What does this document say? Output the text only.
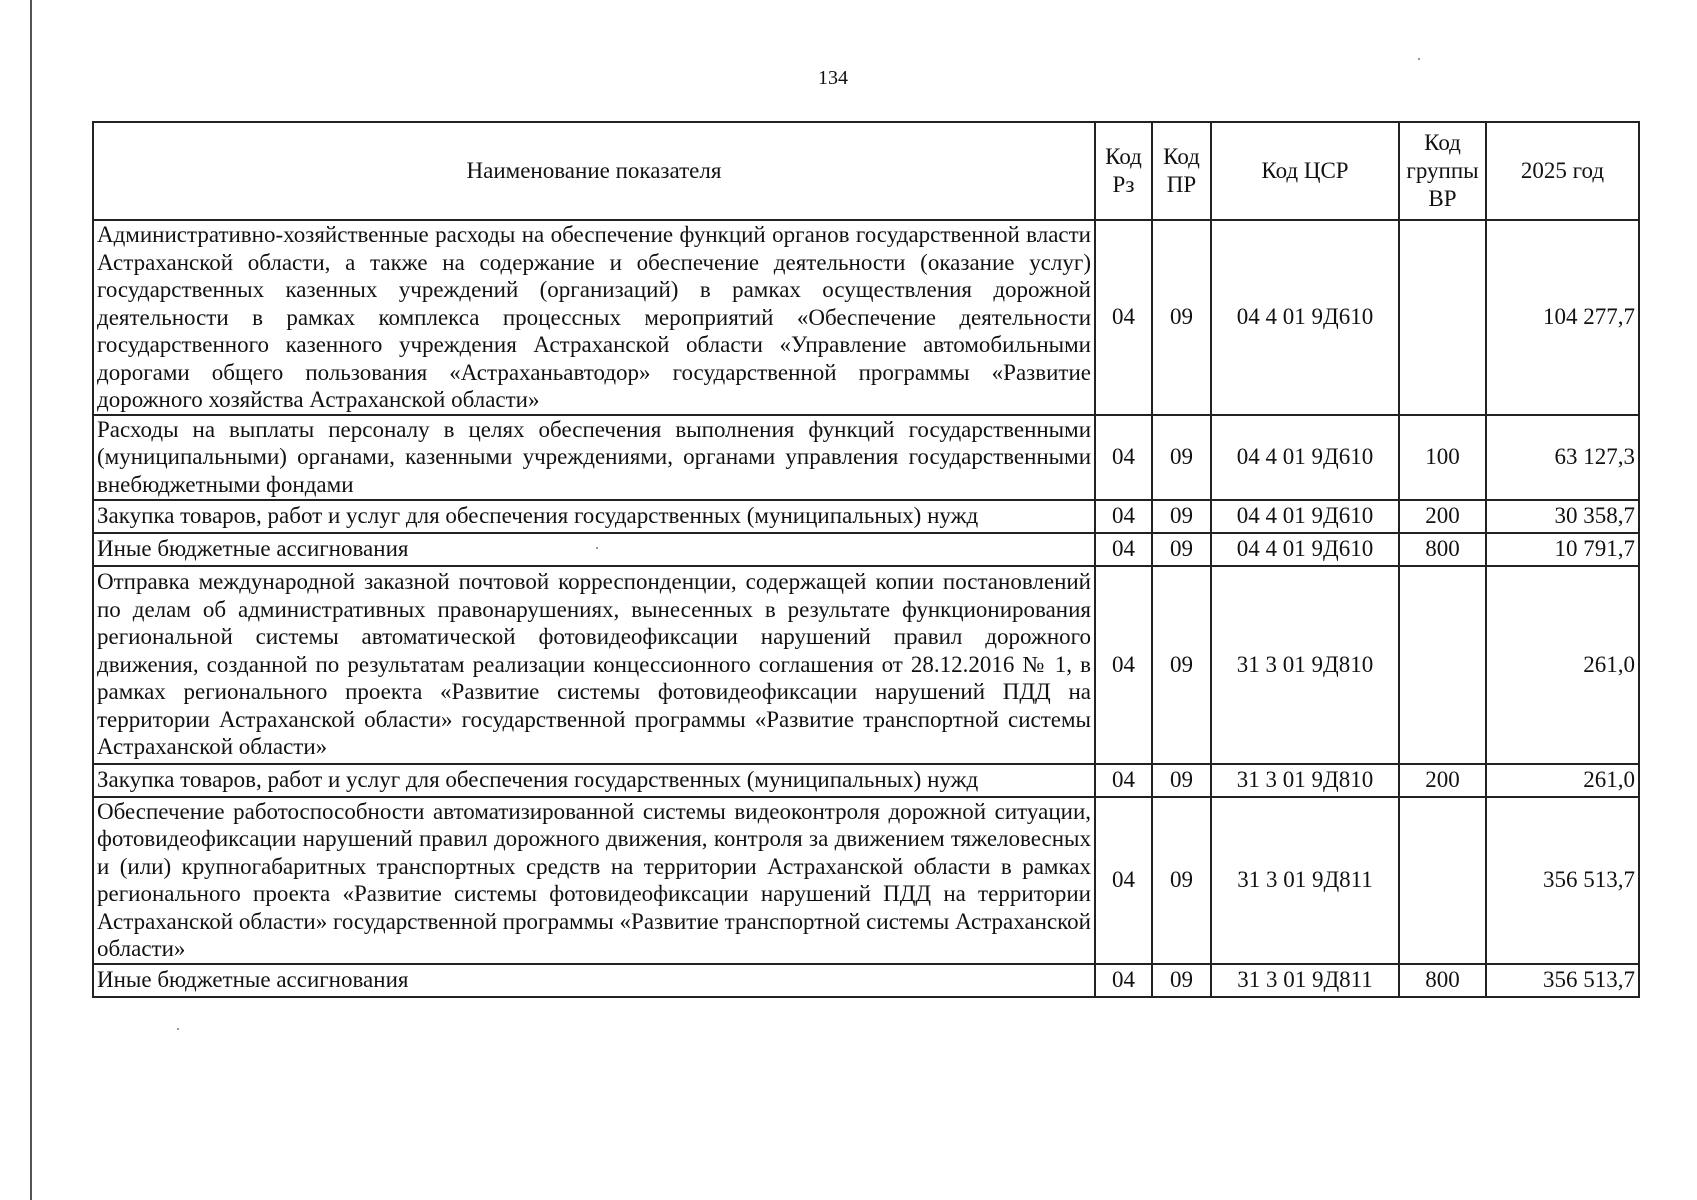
134
Наименование показателя	Код Рз	Код ПР	Код ЦСР	Код группы ВР	2025 год
Административно-хозяйственные расходы на обеспечение функций органов государственной власти Астраханской области, а также на содержание и обеспечение деятельности (оказание услуг) государственных казенных учреждений (организаций) в рамках осуществления дорожной деятельности в рамках комплекса процессных мероприятий «Обеспечение деятельности государственного казенного учреждения Астраханской области «Управление автомобильными дорогами общего пользования «Астраханьавтодор» государственной программы «Развитие дорожного хозяйства Астраханской области»	04	09	04 4 01 9Д610		104 277,7
Расходы на выплаты персоналу в целях обеспечения выполнения функций государственными (муниципальными) органами, казенными учреждениями, органами управления государственными внебюджетными фондами	04	09	04 4 01 9Д610	100	63 127,3
Закупка товаров, работ и услуг для обеспечения государственных (муниципальных) нужд	04	09	04 4 01 9Д610	200	30 358,7
Иные бюджетные ассигнования	04	09	04 4 01 9Д610	800	10 791,7
Отправка международной заказной почтовой корреспонденции, содержащей копии постановлений по делам об административных правонарушениях, вынесенных в результате функционирования региональной системы автоматической фотовидеофиксации нарушений правил дорожного движения, созданной по результатам реализации концессионного соглашения от 28.12.2016 № 1, в рамках регионального проекта «Развитие системы фотовидеофиксации нарушений ПДД на территории Астраханской области» государственной программы «Развитие транспортной системы Астраханской области»	04	09	31 3 01 9Д810		261,0
Закупка товаров, работ и услуг для обеспечения государственных (муниципальных) нужд	04	09	31 3 01 9Д810	200	261,0
Обеспечение работоспособности автоматизированной системы видеоконтроля дорожной ситуации, фотовидеофиксации нарушений правил дорожного движения, контроля за движением тяжеловесных и (или) крупногабаритных транспортных средств на территории Астраханской области в рамках регионального проекта «Развитие системы фотовидеофиксации нарушений ПДД на территории Астраханской области» государственной программы «Развитие транспортной системы Астраханской области»	04	09	31 3 01 9Д811		356 513,7
Иные бюджетные ассигнования	04	09	31 3 01 9Д811	800	356 513,7
